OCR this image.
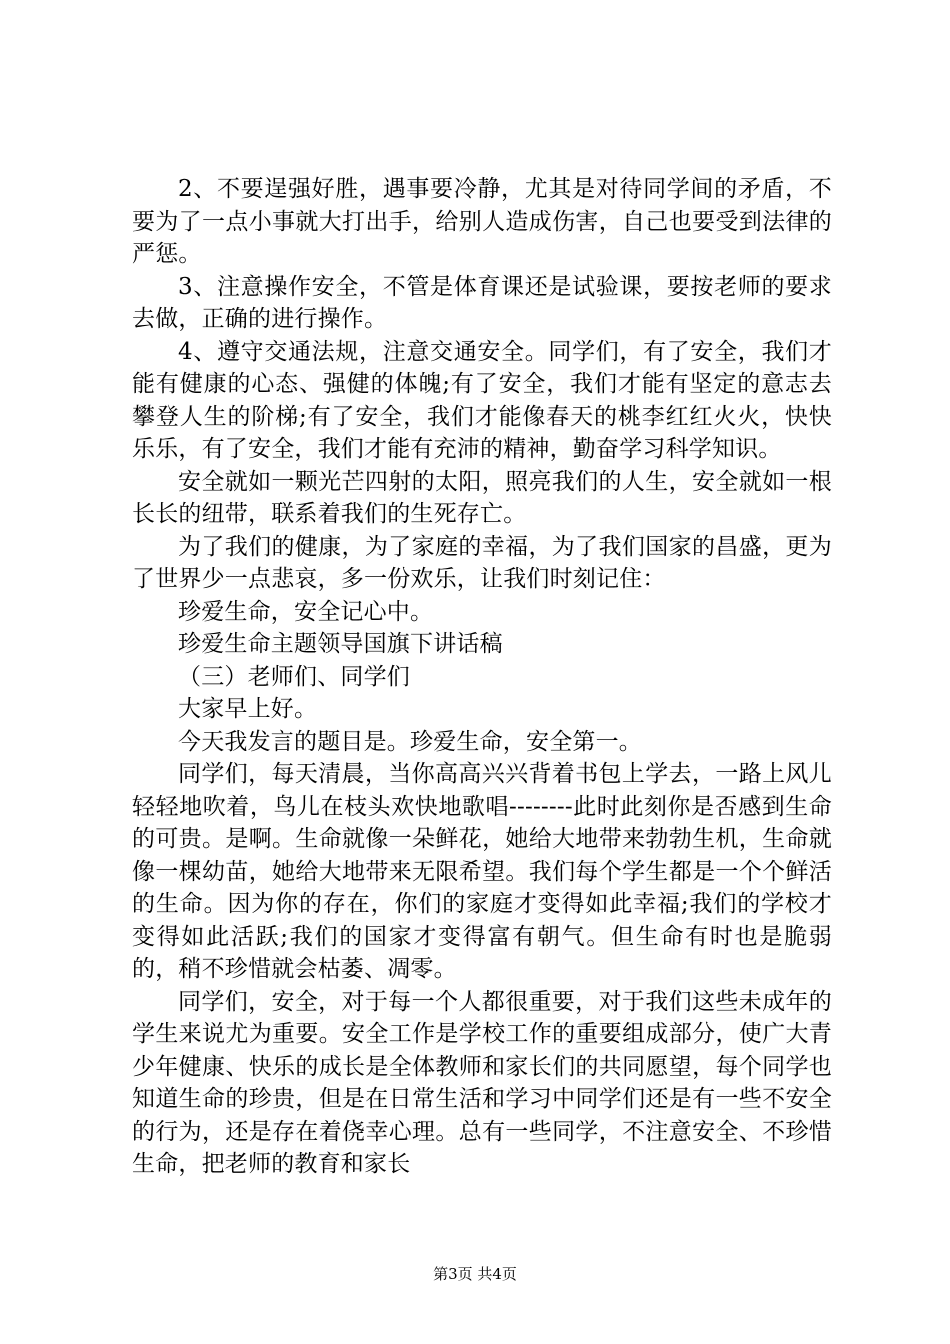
2、不要逞强好胜，遇事要冷静，尤其是对待同学间的矛盾，不要为了一点小事就大打出手，给别人造成伤害，自己也要受到法律的严惩。

3、注意操作安全，不管是体育课还是试验课，要按老师的要求去做，正确的进行操作。

4、遵守交通法规，注意交通安全。同学们，有了安全，我们才能有健康的心态、强健的体魄;有了安全，我们才能有坚定的意志去攀登人生的阶梯;有了安全，我们才能像春天的桃李红红火火，快快乐乐，有了安全，我们才能有充沛的精神，勤奋学习科学知识。

安全就如一颗光芒四射的太阳，照亮我们的人生，安全就如一根长长的纽带，联系着我们的生死存亡。

为了我们的健康，为了家庭的幸福，为了我们国家的昌盛，更为了世界少一点悲哀，多一份欢乐，让我们时刻记住：

珍爱生命，安全记心中。

珍爱生命主题领导国旗下讲话稿

（三）老师们、同学们

大家早上好。

今天我发言的题目是。珍爱生命，安全第一。

同学们，每天清晨，当你高高兴兴背着书包上学去，一路上风儿轻轻地吹着，鸟儿在枝头欢快地歌唱--------此时此刻你是否感到生命的可贵。是啊。生命就像一朵鲜花，她给大地带来勃勃生机，生命就像一棵幼苗，她给大地带来无限希望。我们每个学生都是一个个鲜活的生命。因为你的存在，你们的家庭才变得如此幸福;我们的学校才变得如此活跃;我们的国家才变得富有朝气。但生命有时也是脆弱的，稍不珍惜就会枯萎、凋零。

同学们，安全，对于每一个人都很重要，对于我们这些未成年的学生来说尤为重要。安全工作是学校工作的重要组成部分，使广大青少年健康、快乐的成长是全体教师和家长们的共同愿望，每个同学也知道生命的珍贵，但是在日常生活和学习中同学们还是有一些不安全的行为，还是存在着侥幸心理。总有一些同学，不注意安全、不珍惜生命，把老师的教育和家长

第3页 共4页
